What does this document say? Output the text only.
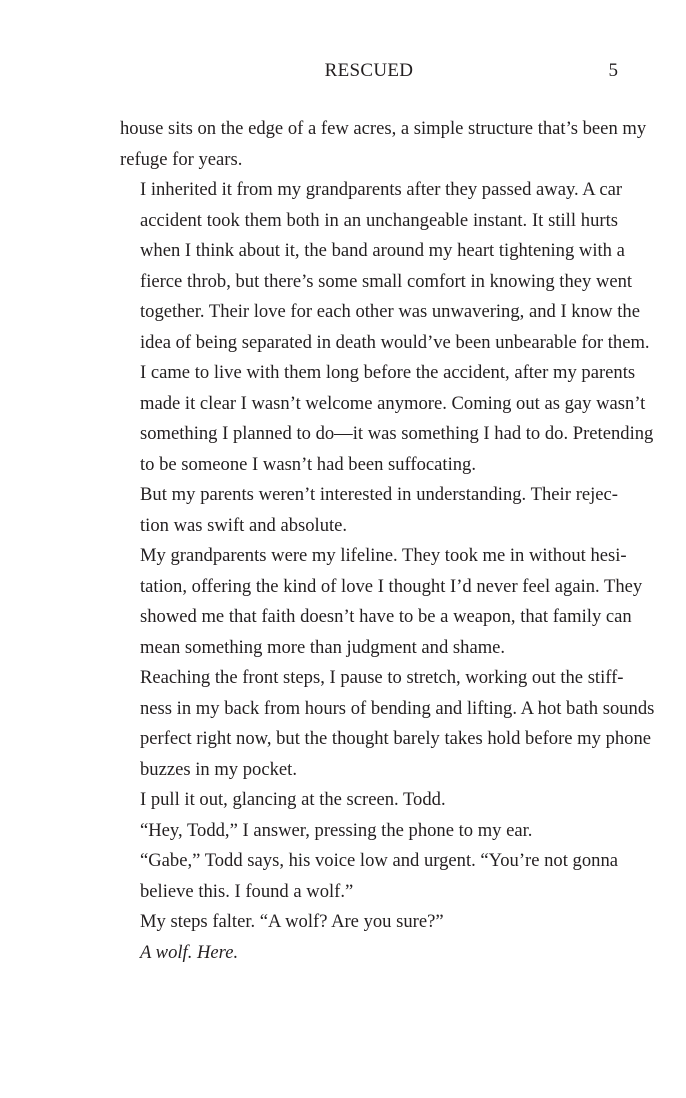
RESCUED	5

house sits on the edge of a few acres, a simple structure that’s been my
refuge for years.

I inherited it from my grandparents after they passed away. A car
accident took them both in an unchangeable instant. It still hurts
when I think about it, the band around my heart tightening with a
fierce throb, but there’s some small comfort in knowing they went
together. Their love for each other was unwavering, and I know the
idea of being separated in death would’ve been unbearable for them.

I came to live with them long before the accident, after my parents
made it clear I wasn’t welcome anymore. Coming out as gay wasn’t
something I planned to do—it was something I had to do. Pretending
to be someone I wasn’t had been suffocating.

But my parents weren’t interested in understanding. Their rejec-
tion was swift and absolute.

My grandparents were my lifeline. They took me in without hesi-
tation, offering the kind of love I thought I’d never feel again. They
showed me that faith doesn’t have to be a weapon, that family can
mean something more than judgment and shame.

Reaching the front steps, I pause to stretch, working out the stiff-
ness in my back from hours of bending and lifting. A hot bath sounds
perfect right now, but the thought barely takes hold before my phone
buzzes in my pocket.

I pull it out, glancing at the screen. Todd.

“Hey, Todd,” I answer, pressing the phone to my ear.

“Gabe,” Todd says, his voice low and urgent. “You’re not gonna
believe this. I found a wolf.”

My steps falter. “A wolf? Are you sure?”

A wolf. Here.
